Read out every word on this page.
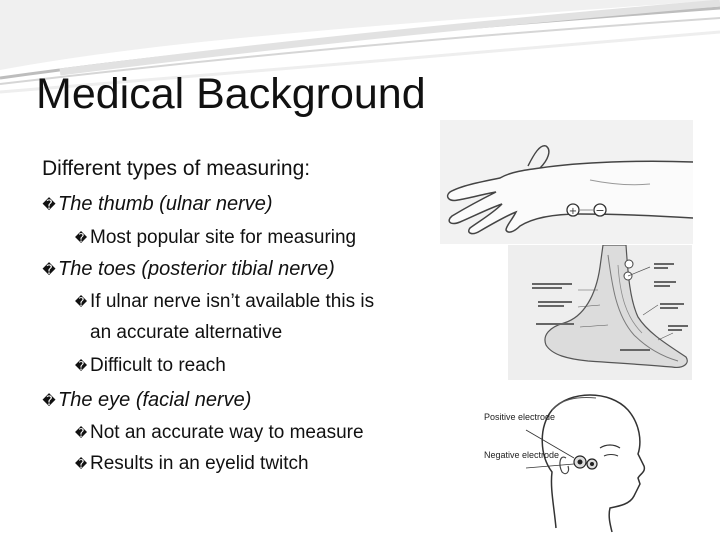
Medical Background
Different types of measuring:
� The thumb (ulnar nerve)
� Most popular site for measuring
� The toes (posterior tibial nerve)
� If ulnar nerve isn’t available this is
an accurate alternative
� Difficult to reach
� The eye (facial nerve)
� Not an accurate way to measure
� Results in an eyelid twitch
+ −
Positive electrode
Negative electrode
